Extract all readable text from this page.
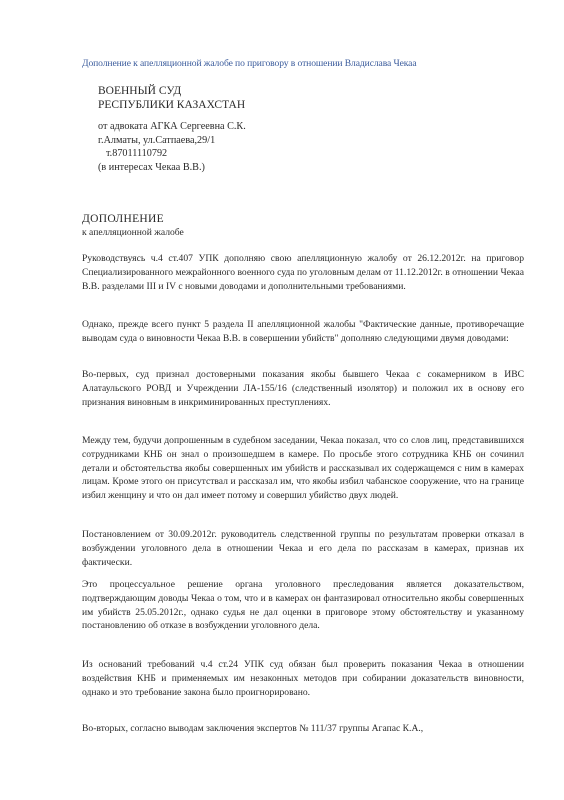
Дополнение к апелляционной жалобе по приговору в отношении Владислава Чекаа
ВОЕННЫЙ СУД
РЕСПУБЛИКИ КАЗАХСТАН
от адвоката АГКА Сергеевна С.К.
г.Алматы, ул.Сатпаева,29/1
т.87011110792
(в интересах Чекаа В.В.)
ДОПОЛНЕНИЕ
к апелляционной жалобе
Руководствуясь ч.4 ст.407 УПК дополняю свою апелляционную жалобу от 26.12.2012г. на приговор Специализированного межрайонного военного суда по уголовным делам от 11.12.2012г. в отношении Чекаа В.В. разделами III и IV с новыми доводами и дополнительными требованиями.
Однако, прежде всего пункт 5 раздела II апелляционной жалобы "Фактические данные, противоречащие выводам суда о виновности Чекаа В.В. в совершении убийств" дополняю следующими двумя доводами:
Во-первых, суд признал достоверными показания якобы бывшего Чекаа с сокамерником в ИВС Алатаульского РОВД и Учреждении ЛА-155/16 (следственный изолятор) и положил их в основу его признания виновным в инкриминированных преступлениях.
Между тем, будучи допрошенным в судебном заседании, Чекаа показал, что со слов лиц, представившихся сотрудниками КНБ он знал о произошедшем в камере. По просьбе этого сотрудника КНБ он сочинил детали и обстоятельства якобы совершенных им убийств и рассказывал их содержащемся с ним в камерах лицам. Кроме этого он присутствал и рассказал им, что якобы избил чабанское сооружение, что на границе избил женщину и что он дал имеет потому и совершил убийство двух людей.
Постановлением от 30.09.2012г. руководитель следственной группы по результатам проверки отказал в возбуждении уголовного дела в отношении Чекаа и его дела по рассказам в камерах, признав их фактически.
Это процессуальное решение органа уголовного преследования является доказательством, подтверждающим доводы Чекаа о том, что и в камерах он фантазировал относительно якобы совершенных им убийств 25.05.2012г., однако судья не дал оценки в приговоре этому обстоятельству и указанному постановлению об отказе в возбуждении уголовного дела.
Из оснований требований ч.4 ст.24 УПК суд обязан был проверить показания Чекаа в отношении воздействия КНБ и применяемых им незаконных методов при собирании доказательств виновности, однако и это требование закона было проигнорировано.
Во-вторых, согласно выводам заключения экспертов № 111/37 группы Агапас К.А.,
